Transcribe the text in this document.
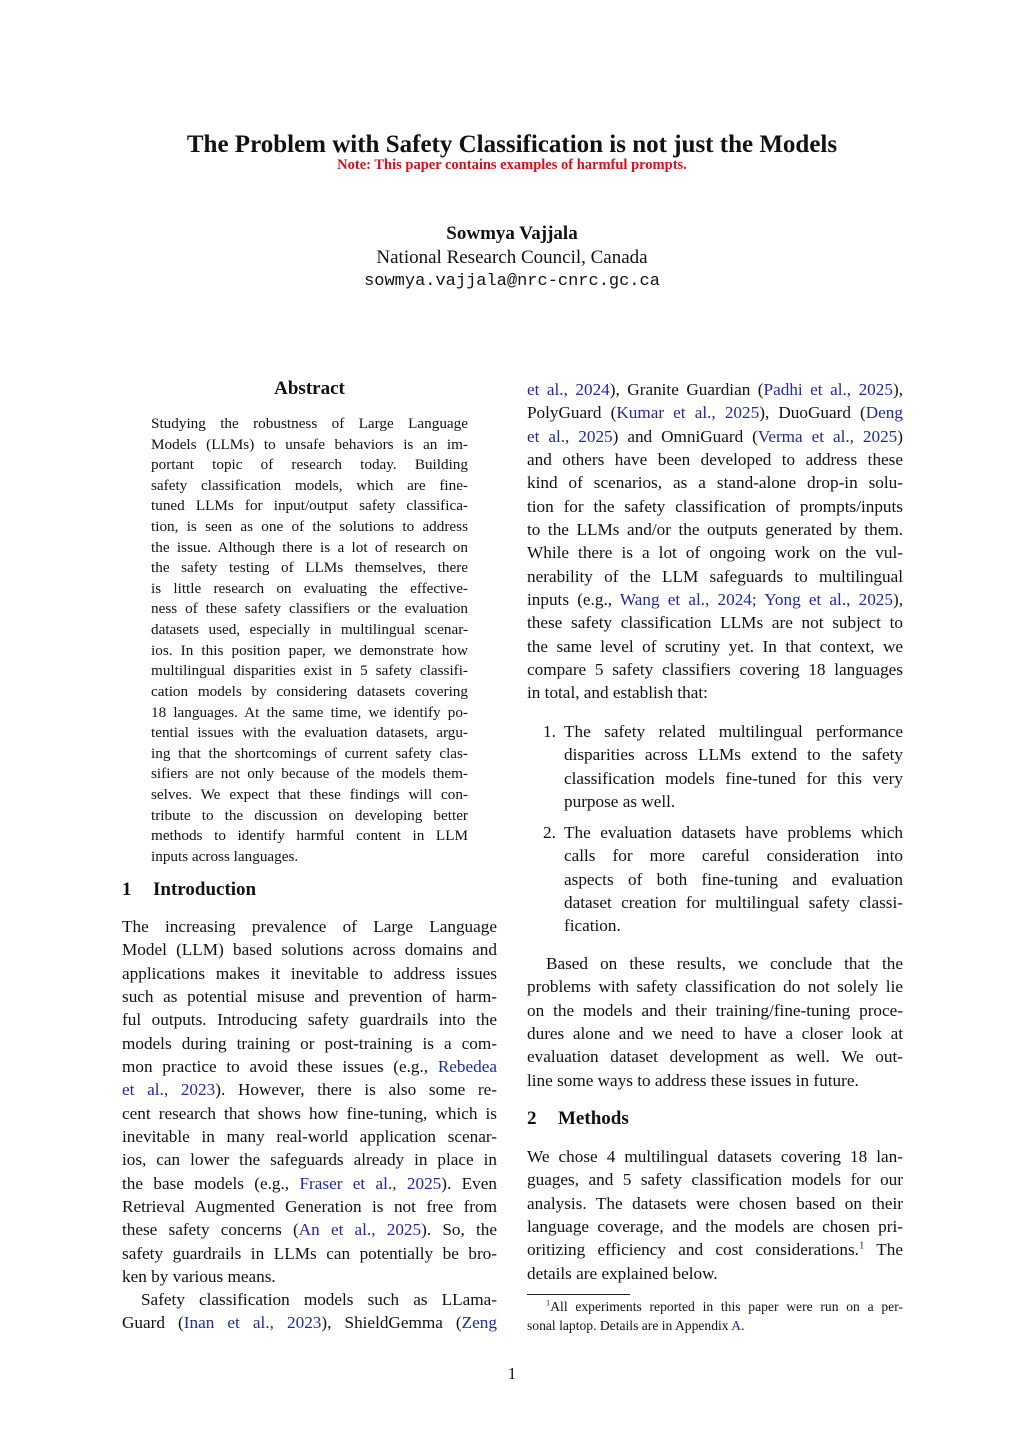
The Problem with Safety Classification is not just the Models
Note: This paper contains examples of harmful prompts.
Sowmya Vajjala
National Research Council, Canada
sowmya.vajjala@nrc-cnrc.gc.ca
Abstract
Studying the robustness of Large Language
Models (LLMs) to unsafe behaviors is an im-
portant topic of research today. Building
safety classification models, which are fine-
tuned LLMs for input/output safety classifica-
tion, is seen as one of the solutions to address
the issue. Although there is a lot of research on
the safety testing of LLMs themselves, there
is little research on evaluating the effective-
ness of these safety classifiers or the evaluation
datasets used, especially in multilingual scenar-
ios. In this position paper, we demonstrate how
multilingual disparities exist in 5 safety classifi-
cation models by considering datasets covering
18 languages. At the same time, we identify po-
tential issues with the evaluation datasets, argu-
ing that the shortcomings of current safety clas-
sifiers are not only because of the models them-
selves. We expect that these findings will con-
tribute to the discussion on developing better
methods to identify harmful content in LLM
inputs across languages.
1 Introduction
The increasing prevalence of Large Language
Model (LLM) based solutions across domains and
applications makes it inevitable to address issues
such as potential misuse and prevention of harm-
ful outputs. Introducing safety guardrails into the
models during training or post-training is a com-
mon practice to avoid these issues (e.g., Rebedea
et al., 2023). However, there is also some re-
cent research that shows how fine-tuning, which is
inevitable in many real-world application scenar-
ios, can lower the safeguards already in place in
the base models (e.g., Fraser et al., 2025). Even
Retrieval Augmented Generation is not free from
these safety concerns (An et al., 2025). So, the
safety guardrails in LLMs can potentially be bro-
ken by various means.
Safety classification models such as LLama-
Guard (Inan et al., 2023), ShieldGemma (Zeng
et al., 2024), Granite Guardian (Padhi et al., 2025),
PolyGuard (Kumar et al., 2025), DuoGuard (Deng
et al., 2025) and OmniGuard (Verma et al., 2025)
and others have been developed to address these
kind of scenarios, as a stand-alone drop-in solu-
tion for the safety classification of prompts/inputs
to the LLMs and/or the outputs generated by them.
While there is a lot of ongoing work on the vul-
nerability of the LLM safeguards to multilingual
inputs (e.g., Wang et al., 2024; Yong et al., 2025),
these safety classification LLMs are not subject to
the same level of scrutiny yet. In that context, we
compare 5 safety classifiers covering 18 languages
in total, and establish that:
1. The safety related multilingual performance
disparities across LLMs extend to the safety
classification models fine-tuned for this very
purpose as well.
2. The evaluation datasets have problems which
calls for more careful consideration into
aspects of both fine-tuning and evaluation
dataset creation for multilingual safety classi-
fication.
Based on these results, we conclude that the
problems with safety classification do not solely lie
on the models and their training/fine-tuning proce-
dures alone and we need to have a closer look at
evaluation dataset development as well. We out-
line some ways to address these issues in future.
2 Methods
We chose 4 multilingual datasets covering 18 lan-
guages, and 5 safety classification models for our
analysis. The datasets were chosen based on their
language coverage, and the models are chosen pri-
oritizing efficiency and cost considerations.$^1$ The
details are explained below.
$^1$All experiments reported in this paper were run on a per-
sonal laptop. Details are in Appendix A.
1
